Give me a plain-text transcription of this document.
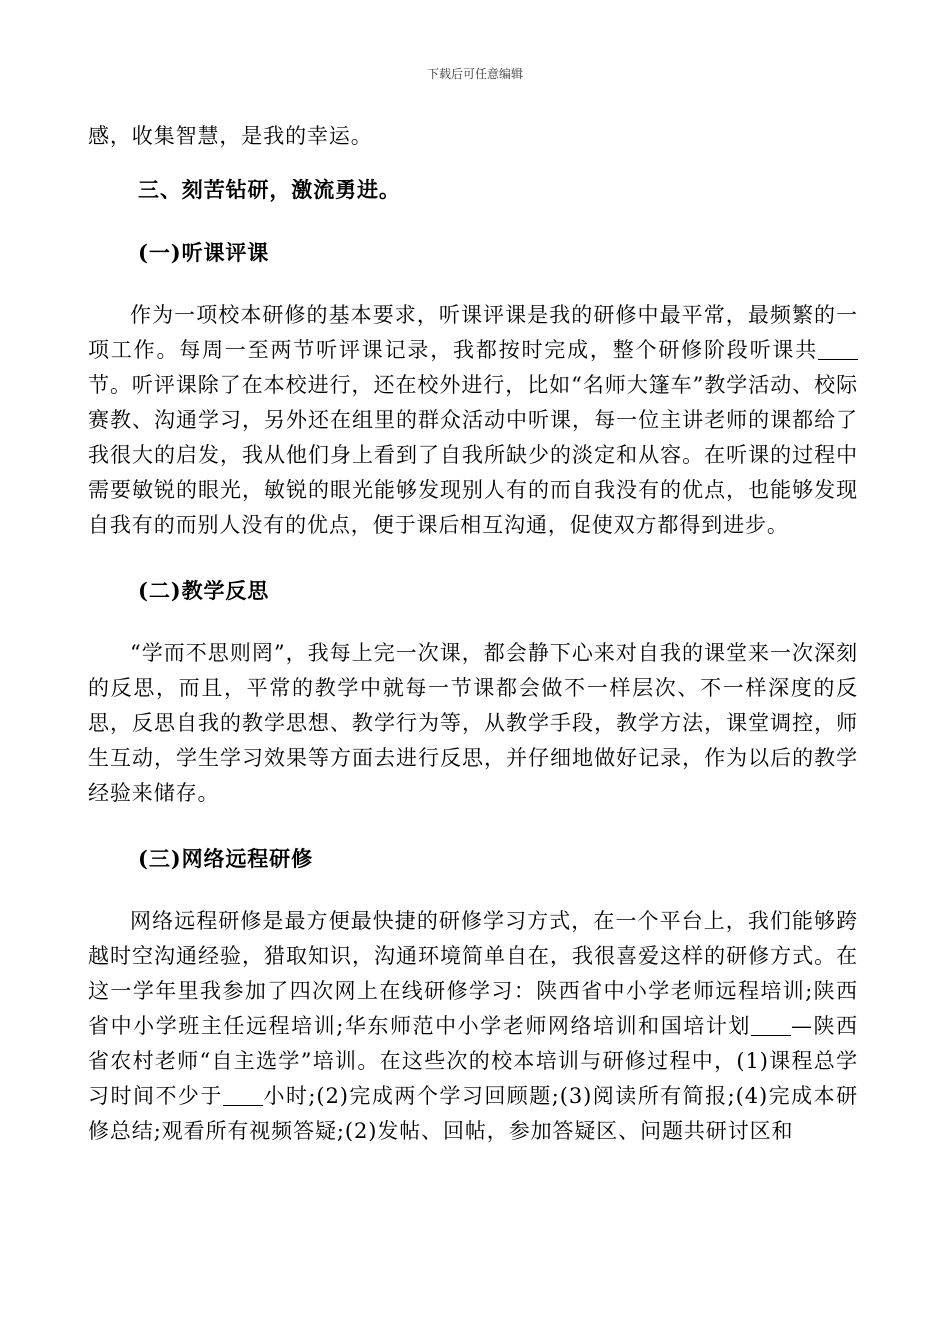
下载后可任意编辑

感，收集智慧，是我的幸运。

三、刻苦钻研，激流勇进。

(一)听课评课

作为一项校本研修的基本要求，听课评课是我的研修中最平常，最频繁的一项工作。每周一至两节听评课记录，我都按时完成，整个研修阶段听课共节。听评课除了在本校进行，还在校外进行，比如“名师大篷车”教学活动、校际赛教、沟通学习，另外还在组里的群众活动中听课，每一位主讲老师的课都给了我很大的启发，我从他们身上看到了自我所缺少的淡定和从容。在听课的过程中需要敏锐的眼光，敏锐的眼光能够发现别人有的而自我没有的优点，也能够发现自我有的而别人没有的优点，便于课后相互沟通，促使双方都得到进步。

(二)教学反思

“学而不思则罔”，我每上完一次课，都会静下心来对自我的课堂来一次深刻的反思，而且，平常的教学中就每一节课都会做不一样层次、不一样深度的反思，反思自我的教学思想、教学行为等，从教学手段，教学方法，课堂调控，师生互动，学生学习效果等方面去进行反思，并仔细地做好记录，作为以后的教学经验来储存。

(三)网络远程研修

网络远程研修是最方便最快捷的研修学习方式，在一个平台上，我们能够跨越时空沟通经验，猎取知识，沟通环境简单自在，我很喜爱这样的研修方式。在这一学年里我参加了四次网上在线研修学习：陕西省中小学老师远程培训;陕西省中小学班主任远程培训;华东师范中小学老师网络培训和国培计划 —陕西省农村老师“自主选学”培训。在这些次的校本培训与研修过程中，(1)课程总学习时间不少于 小时;(2)完成两个学习回顾题;(3)阅读所有简报;(4)完成本研修总结;观看所有视频答疑;(2)发帖、回帖，参加答疑区、问题共研讨区和
